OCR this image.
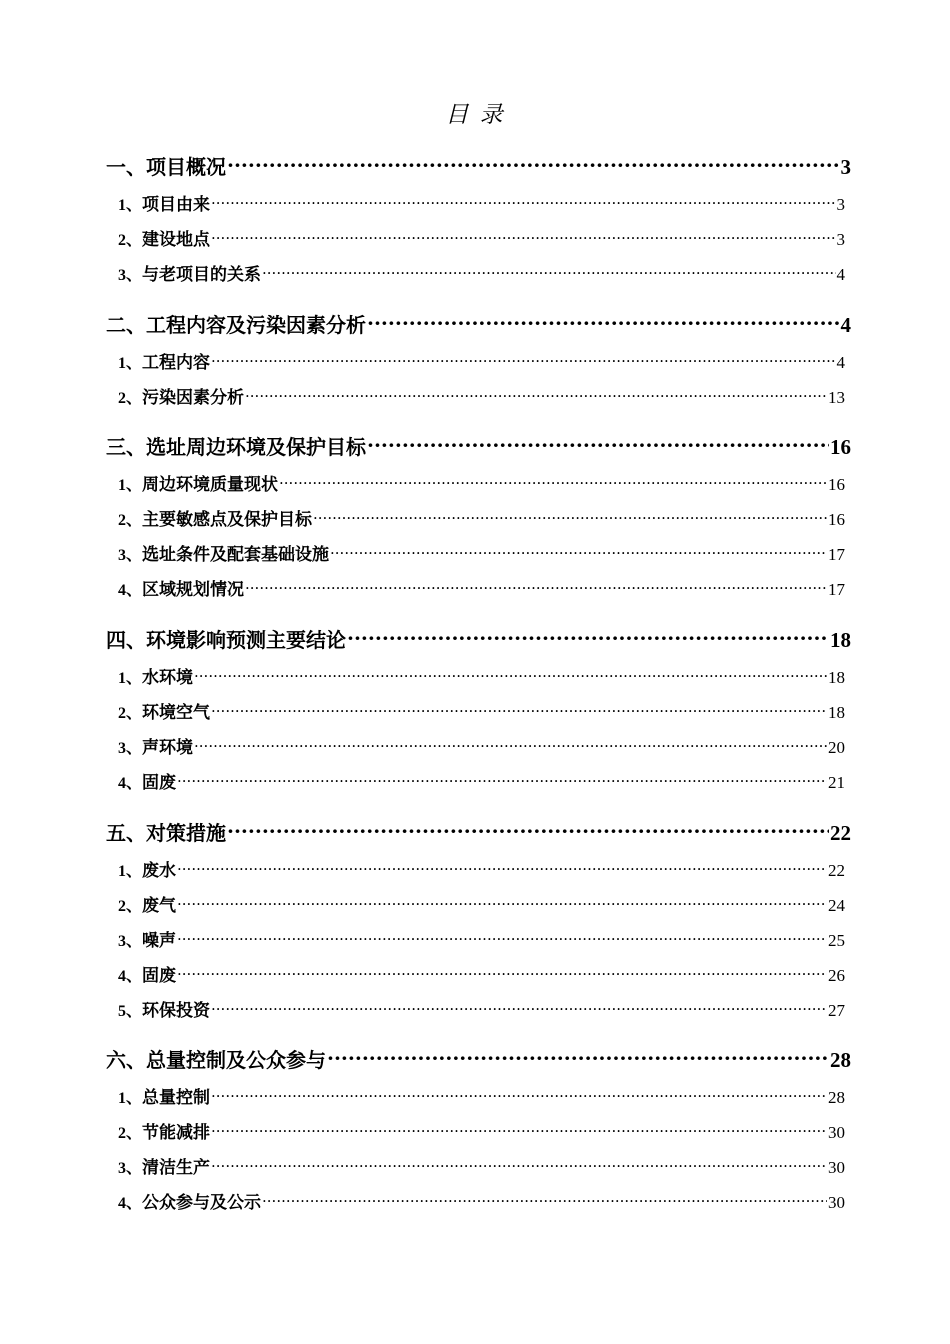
目 录
一、项目概况 ·····	3
1、 项目由来 ·····	3
2、 建设地点 ·····	3
3、 与老项目的关系 ·····	4
二、工程内容及污染因素分析 ·····	4
1、 工程内容 ·····	4
2、 污染因素分析 ·····	13
三、选址周边环境及保护目标 ·····	16
1、 周边环境质量现状 ·····	16
2、 主要敏感点及保护目标 ·····	16
3、 选址条件及配套基础设施 ·····	17
4、 区域规划情况 ·····	17
四、环境影响预测主要结论 ·····	18
1、 水环境 ·····	18
2、 环境空气 ·····	18
3、 声环境 ·····	20
4、 固废 ·····	21
五、对策措施 ·····	22
1、 废水 ·····	22
2、 废气 ·····	24
3、 噪声 ·····	25
4、 固废 ·····	26
5、 环保投资 ·····	27
六、总量控制及公众参与 ·····	28
1、 总量控制 ·····	28
2、 节能减排 ·····	30
3、 清洁生产 ·····	30
4、 公众参与及公示 ·····	30
